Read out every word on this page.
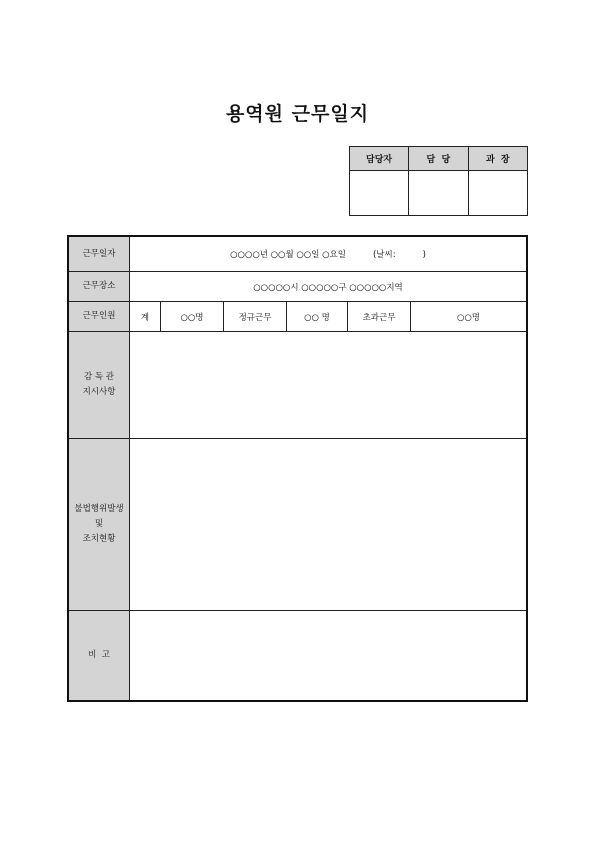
용역원 근무일지
담당자	담  당	과  장

근무일자	○○○○년 ○○월 ○○일 ○요일          (날씨:          )					
근무장소	○○○○○시 ○○○○○구 ○○○○○지역					
근무인원	계	○○명	정규근무	○○ 명	초과근무	○○명

감 독 관
지시사항						

불법행위발생
및
조치현황						

비  고						
